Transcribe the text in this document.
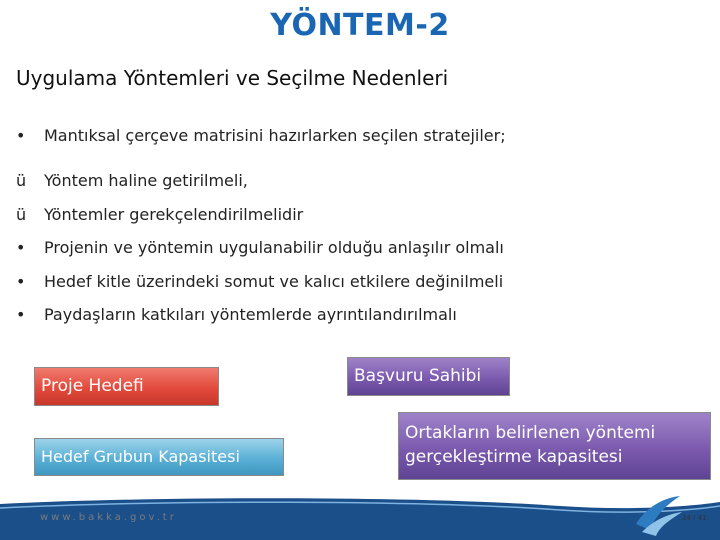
YÖNTEM-2
Uygulama Yöntemleri ve Seçilme Nedenleri
• Mantıksal çerçeve matrisini hazırlarken seçilen stratejiler;
ü Yöntem haline getirilmeli,
ü Yöntemler gerekçelendirilmelidir
• Projenin ve yöntemin uygulanabilir olduğu anlaşılır olmalı
• Hedef kitle üzerindeki somut ve kalıcı etkilere değinilmeli
• Paydaşların katkıları yöntemlerde ayrıntılandırılmalı
Proje Hedefi
Hedef Grubun Kapasitesi
Başvuru Sahibi
Ortakların belirlenen yöntemi gerçekleştirme kapasitesi
www.bakka.gov.tr	Kalkınmada Yerel Ortağınız	24 / 41
